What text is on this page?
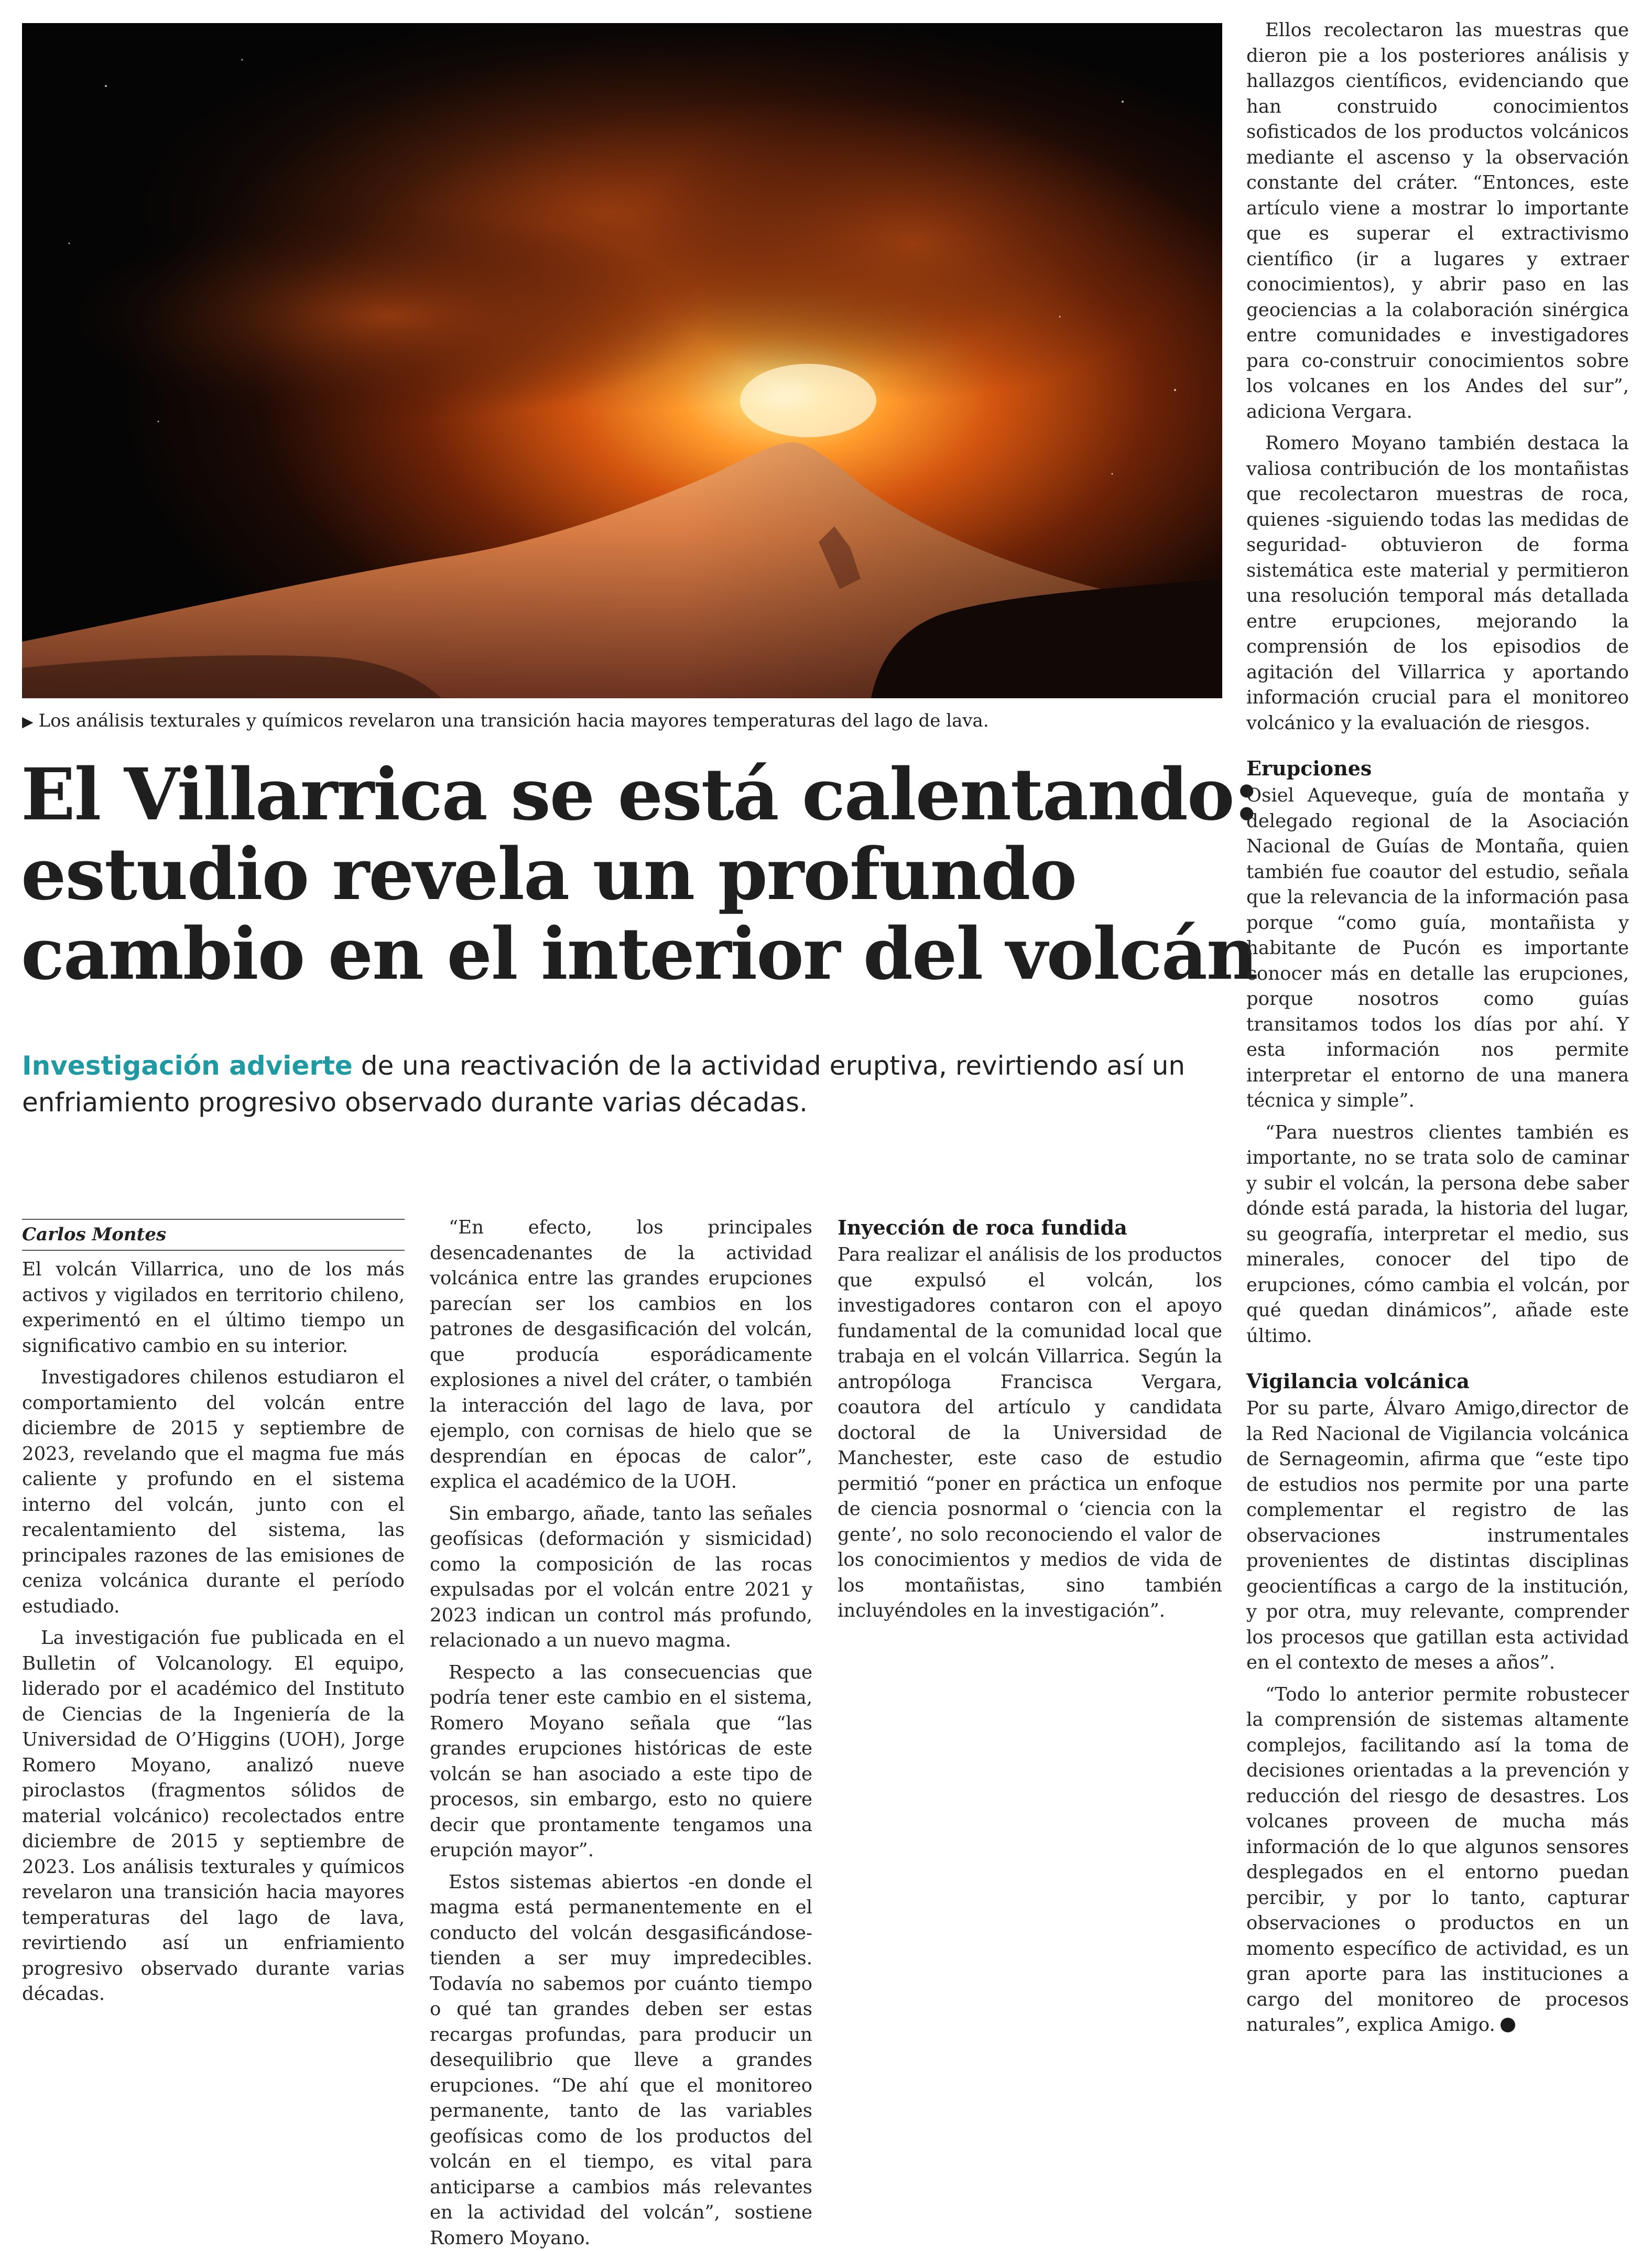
▶ Los análisis texturales y químicos revelaron una transición hacia mayores temperaturas del lago de lava.
El Villarrica se está calentando:
estudio revela un profundo
cambio en el interior del volcán
Investigación advierte de una reactivación de la actividad eruptiva, revirtiendo así un enfriamiento progresivo observado durante varias décadas.
Carlos Montes

El volcán Villarrica, uno de los más activos y vigilados en territorio chileno, experimentó en el último tiempo un significativo cambio en su interior.

Investigadores chilenos estudiaron el comportamiento del volcán entre diciembre de 2015 y septiembre de 2023, revelando que el magma fue más caliente y profundo en el sistema interno del volcán, junto con el recalentamiento del sistema, las principales razones de las emisiones de ceniza volcánica durante el período estudiado.

La investigación fue publicada en el Bulletin of Volcanology. El equipo, liderado por el académico del Instituto de Ciencias de la Ingeniería de la Universidad de O’Higgins (UOH), Jorge Romero Moyano, analizó nueve piroclastos (fragmentos sólidos de material volcánico) recolectados entre diciembre de 2015 y septiembre de 2023. Los análisis texturales y químicos revelaron una transición hacia mayores temperaturas del lago de lava, revirtiendo así un enfriamiento progresivo observado durante varias décadas.

“En efecto, los principales desencadenantes de la actividad volcánica entre las grandes erupciones parecían ser los cambios en los patrones de desgasificación del volcán, que producía esporádicamente explosiones a nivel del cráter, o también la interacción del lago de lava, por ejemplo, con cornisas de hielo que se desprendían en épocas de calor”, explica el académico de la UOH.

Sin embargo, añade, tanto las señales geofísicas (deformación y sismicidad) como la composición de las rocas expulsadas por el volcán entre 2021 y 2023 indican un control más profundo, relacionado a un nuevo magma.

Respecto a las consecuencias que podría tener este cambio en el sistema, Romero Moyano señala que “las grandes erupciones históricas de este volcán se han asociado a este tipo de procesos, sin embargo, esto no quiere decir que prontamente tengamos una erupción mayor”.

Estos sistemas abiertos -en donde el magma está permanentemente en el conducto del volcán desgasificándose- tienden a ser muy impredecibles. Todavía no sabemos por cuánto tiempo o qué tan grandes deben ser estas recargas profundas, para producir un desequilibrio que lleve a grandes erupciones. “De ahí que el monitoreo permanente, tanto de las variables geofísicas como de los productos del volcán en el tiempo, es vital para anticiparse a cambios más relevantes en la actividad del volcán”, sostiene Romero Moyano.

Inyección de roca fundida

Para realizar el análisis de los productos que expulsó el volcán, los investigadores contaron con el apoyo fundamental de la comunidad local que trabaja en el volcán Villarrica. Según la antropóloga Francisca Vergara, coautora del artículo y candidata doctoral de la Universidad de Manchester, este caso de estudio permitió “poner en práctica un enfoque de ciencia posnormal o ‘ciencia con la gente’, no solo reconociendo el valor de los conocimientos y medios de vida de los montañistas, sino también incluyéndoles en la investigación”.

Ellos recolectaron las muestras que dieron pie a los posteriores análisis y hallazgos científicos, evidenciando que han construido conocimientos sofisticados de los productos volcánicos mediante el ascenso y la observación constante del cráter. “Entonces, este artículo viene a mostrar lo importante que es superar el extractivismo científico (ir a lugares y extraer conocimientos), y abrir paso en las geociencias a la colaboración sinérgica entre comunidades e investigadores para co-construir conocimientos sobre los volcanes en los Andes del sur”, adiciona Vergara.

Romero Moyano también destaca la valiosa contribución de los montañistas que recolectaron muestras de roca, quienes -siguiendo todas las medidas de seguridad- obtuvieron de forma sistemática este material y permitieron una resolución temporal más detallada entre erupciones, mejorando la comprensión de los episodios de agitación del Villarrica y aportando información crucial para el monitoreo volcánico y la evaluación de riesgos.

Erupciones

Osiel Aqueveque, guía de montaña y delegado regional de la Asociación Nacional de Guías de Montaña, quien también fue coautor del estudio, señala que la relevancia de la información pasa porque “como guía, montañista y habitante de Pucón es importante conocer más en detalle las erupciones, porque nosotros como guías transitamos todos los días por ahí. Y esta información nos permite interpretar el entorno de una manera técnica y simple”.

“Para nuestros clientes también es importante, no se trata solo de caminar y subir el volcán, la persona debe saber dónde está parada, la historia del lugar, su geografía, interpretar el medio, sus minerales, conocer del tipo de erupciones, cómo cambia el volcán, por qué quedan dinámicos”, añade este último.

Vigilancia volcánica

Por su parte, Álvaro Amigo,director de la Red Nacional de Vigilancia volcánica de Sernageomin, afirma que “este tipo de estudios nos permite por una parte complementar el registro de las observaciones instrumentales provenientes de distintas disciplinas geocientíficas a cargo de la institución, y por otra, muy relevante, comprender los procesos que gatillan esta actividad en el contexto de meses a años”.

“Todo lo anterior permite robustecer la comprensión de sistemas altamente complejos, facilitando así la toma de decisiones orientadas a la prevención y reducción del riesgo de desastres. Los volcanes proveen de mucha más información de lo que algunos sensores desplegados en el entorno puedan percibir, y por lo tanto, capturar observaciones o productos en un momento específico de actividad, es un gran aporte para las instituciones a cargo del monitoreo de procesos naturales”, explica Amigo.
